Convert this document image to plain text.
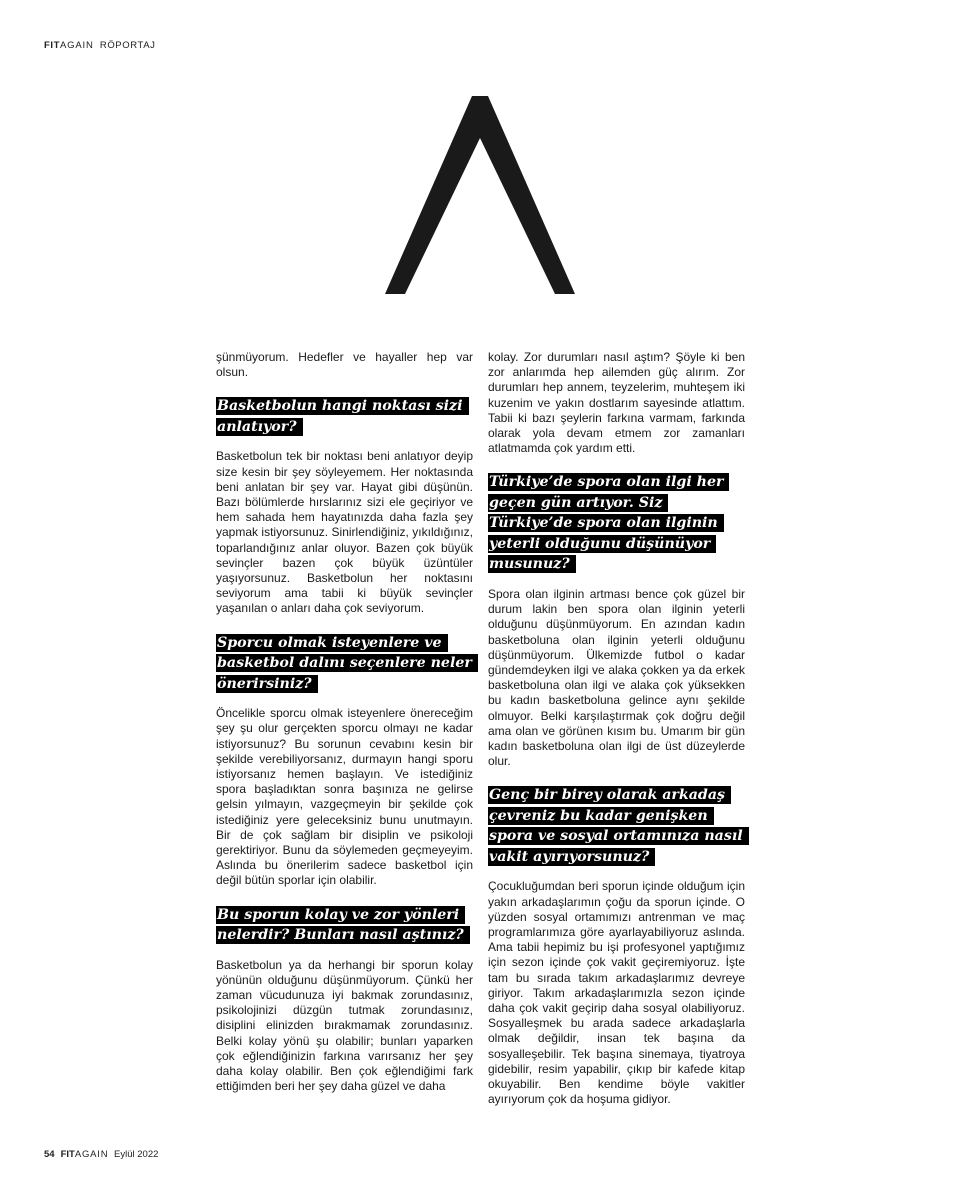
FITAGAIN RÖPORTAJ

şünmüyorum. Hedefler ve hayaller hep var olsun.

Basketbolun hangi noktası sizi anlatıyor?

Basketbolun tek bir noktası beni anlatıyor deyip size kesin bir şey söyleyemem. Her noktasında beni anlatan bir şey var. Hayat gibi düşünün. Bazı bölümlerde hırslarınız sizi ele geçiriyor ve hem sahada hem hayatınızda daha fazla şey yapmak istiyorsunuz. Sinirlendiğiniz, yıkıldığınız, toparlandığınız anlar oluyor. Bazen çok büyük sevinçler bazen çok büyük üzüntüler yaşıyorsunuz. Basketbolun her noktasını seviyorum ama tabii ki büyük sevinçler yaşanılan o anları daha çok seviyorum.

Sporcu olmak isteyenlere ve basketbol dalını seçenlere neler önerirsiniz?

Öncelikle sporcu olmak isteyenlere önereceğim şey şu olur gerçekten sporcu olmayı ne kadar istiyorsunuz? Bu sorunun cevabını kesin bir şekilde verebiliyorsanız, durmayın hangi sporu istiyorsanız hemen başlayın. Ve istediğiniz spora başladıktan sonra başınıza ne gelirse gelsin yılmayın, vazgeçmeyin bir şekilde çok istediğiniz yere geleceksiniz bunu unutmayın. Bir de çok sağlam bir disiplin ve psikoloji gerektiriyor. Bunu da söylemeden geçmeyeyim. Aslında bu önerilerim sadece basketbol için değil bütün sporlar için olabilir.

Bu sporun kolay ve zor yönleri nelerdir? Bunları nasıl aştınız?

Basketbolun ya da herhangi bir sporun kolay yönünün olduğunu düşünmüyorum. Çünkü her zaman vücudunuza iyi bakmak zorundasınız, psikolojinizi düzgün tutmak zorundasınız, disiplini elinizden bırakmamak zorundasınız. Belki kolay yönü şu olabilir; bunları yaparken çok eğlendiğinizin farkına varırsanız her şey daha kolay olabilir. Ben çok eğlendiğimi fark ettiğimden beri her şey daha güzel ve daha

kolay. Zor durumları nasıl aştım? Şöyle ki ben zor anlarımda hep ailemden güç alırım. Zor durumları hep annem, teyzelerim, muhteşem iki kuzenim ve yakın dostlarım sayesinde atlattım. Tabii ki bazı şeylerin farkına varmam, farkında olarak yola devam etmem zor zamanları atlatmamda çok yardım etti.

Türkiye’de spora olan ilgi her geçen gün artıyor. Siz Türkiye’de spora olan ilginin yeterli olduğunu düşünüyor musunuz?

Spora olan ilginin artması bence çok güzel bir durum lakin ben spora olan ilginin yeterli olduğunu düşünmüyorum. En azından kadın basketboluna olan ilginin yeterli olduğunu düşünmüyorum. Ülkemizde futbol o kadar gündemdeyken ilgi ve alaka çokken ya da erkek basketboluna olan ilgi ve alaka çok yüksekken bu kadın basketboluna gelince aynı şekilde olmuyor. Belki karşılaştırmak çok doğru değil ama olan ve görünen kısım bu. Umarım bir gün kadın basketboluna olan ilgi de üst düzeylerde olur.

Genç bir birey olarak arkadaş çevreniz bu kadar genişken spora ve sosyal ortamınıza nasıl vakit ayırıyorsunuz?

Çocukluğumdan beri sporun içinde olduğum için yakın arkadaşlarımın çoğu da sporun içinde. O yüzden sosyal ortamımızı antrenman ve maç programlarımıza göre ayarlayabiliyoruz aslında. Ama tabii hepimiz bu işi profesyonel yaptığımız için sezon içinde çok vakit geçiremiyoruz. İşte tam bu sırada takım arkadaşlarımız devreye giriyor. Takım arkadaşlarımızla sezon içinde daha çok vakit geçirip daha sosyal olabiliyoruz. Sosyalleşmek bu arada sadece arkadaşlarla olmak değildir, insan tek başına da sosyalleşebilir. Tek başına sinemaya, tiyatroya gidebilir, resim yapabilir, çıkıp bir kafede kitap okuyabilir. Ben kendime böyle vakitler ayırıyorum çok da hoşuma gidiyor.

54 FITAGAIN Eylül 2022
